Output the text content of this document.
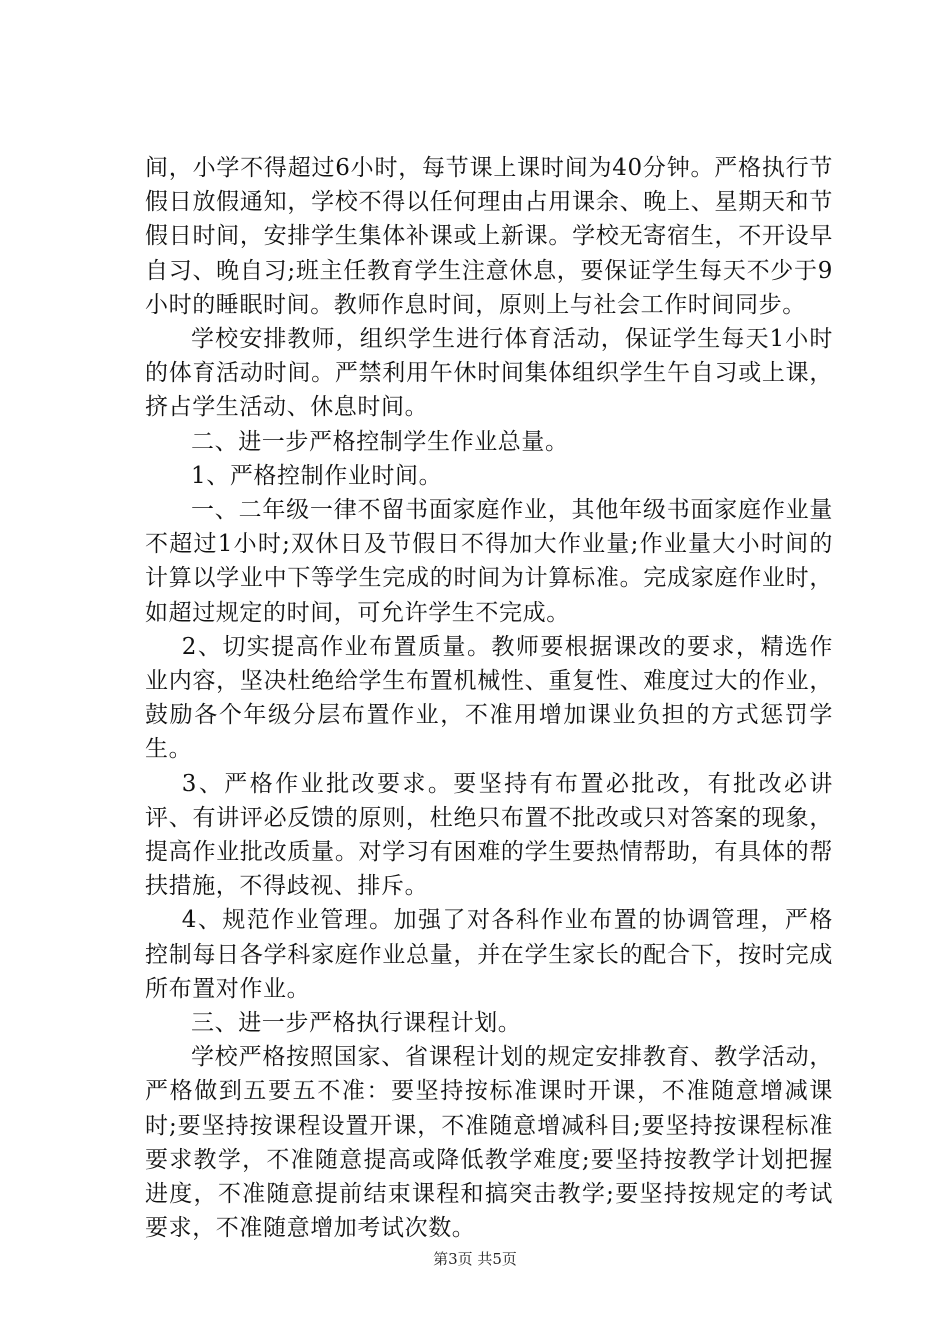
间，小学不得超过6小时，每节课上课时间为40分钟。严格执行节假日放假通知，学校不得以任何理由占用课余、晚上、星期天和节假日时间，安排学生集体补课或上新课。学校无寄宿生，不开设早自习、晚自习;班主任教育学生注意休息，要保证学生每天不少于9小时的睡眠时间。教师作息时间，原则上与社会工作时间同步。

学校安排教师，组织学生进行体育活动，保证学生每天1小时的体育活动时间。严禁利用午休时间集体组织学生午自习或上课，挤占学生活动、休息时间。

二、进一步严格控制学生作业总量。

1、严格控制作业时间。

一、二年级一律不留书面家庭作业，其他年级书面家庭作业量不超过1小时;双休日及节假日不得加大作业量;作业量大小时间的计算以学业中下等学生完成的时间为计算标准。完成家庭作业时，如超过规定的时间，可允许学生不完成。

2、切实提高作业布置质量。教师要根据课改的要求，精选作业内容，坚决杜绝给学生布置机械性、重复性、难度过大的作业，鼓励各个年级分层布置作业，不准用增加课业负担的方式惩罚学生。

3、严格作业批改要求。要坚持有布置必批改，有批改必讲评、有讲评必反馈的原则，杜绝只布置不批改或只对答案的现象，提高作业批改质量。对学习有困难的学生要热情帮助，有具体的帮扶措施，不得歧视、排斥。

4、规范作业管理。加强了对各科作业布置的协调管理，严格控制每日各学科家庭作业总量，并在学生家长的配合下，按时完成所布置对作业。

三、进一步严格执行课程计划。

学校严格按照国家、省课程计划的规定安排教育、教学活动，严格做到五要五不准：要坚持按标准课时开课，不准随意增减课时;要坚持按课程设置开课，不准随意增减科目;要坚持按课程标准要求教学，不准随意提高或降低教学难度;要坚持按教学计划把握进度，不准随意提前结束课程和搞突击教学;要坚持按规定的考试要求，不准随意增加考试次数。

第3页 共5页
